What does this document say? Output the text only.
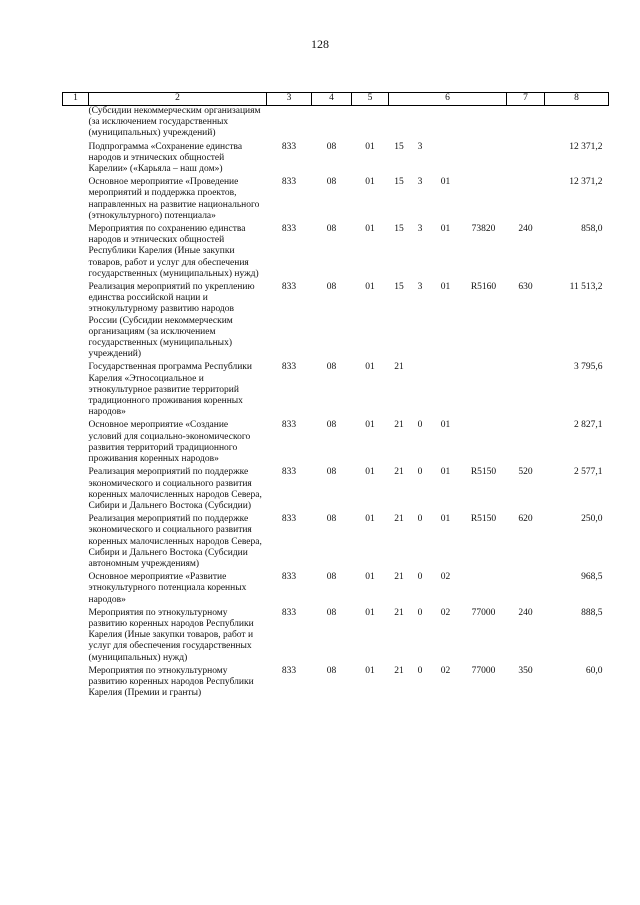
128
1	2	3	4	5	6				7	8
	(Субсидии некоммерческим организациям (за исключением государственных (муниципальных) учреждений)									

	Подпрограмма «Сохранение единства народов и этнических общностей Карелии» («Карьяла – наш дом»)	833	08	01	15	3				12 371,2

	Основное мероприятие «Проведение мероприятий и поддержка проектов, направленных на развитие национального (этнокультурного) потенциала»	833	08	01	15	3	01			12 371,2

	Мероприятия по сохранению единства народов и этнических общностей Республики Карелия (Иные закупки товаров, работ и услуг для обеспечения государственных (муниципальных) нужд)	833	08	01	15	3	01	73820	240	858,0

	Реализация мероприятий по укреплению единства российской нации и этнокультурному развитию народов России (Субсидии некоммерческим организациям (за исключением государственных (муниципальных) учреждений)	833	08	01	15	3	01	R5160	630	11 513,2

	Государственная программа Республики Карелия «Этносоциальное и этнокультурное развитие территорий традиционного проживания коренных народов»	833	08	01	21					3 795,6

	Основное мероприятие «Создание условий для социально-экономического развития территорий традиционного проживания коренных народов»	833	08	01	21	0	01			2 827,1

	Реализация мероприятий по поддержке экономического и социального развития коренных малочисленных народов Севера, Сибири и Дальнего Востока (Субсидии)	833	08	01	21	0	01	R5150	520	2 577,1

	Реализация мероприятий по поддержке экономического и социального развития коренных малочисленных народов Севера, Сибири и Дальнего Востока (Субсидии автономным учреждениям)	833	08	01	21	0	01	R5150	620	250,0

	Основное мероприятие «Развитие этнокультурного потенциала коренных народов»	833	08	01	21	0	02			968,5

	Мероприятия по этнокультурному развитию коренных народов Республики Карелия (Иные закупки товаров, работ и услуг для обеспечения государственных (муниципальных) нужд)	833	08	01	21	0	02	77000	240	888,5

	Мероприятия по этнокультурному развитию коренных народов Республики Карелия (Премии и гранты)	833	08	01	21	0	02	77000	350	60,0
